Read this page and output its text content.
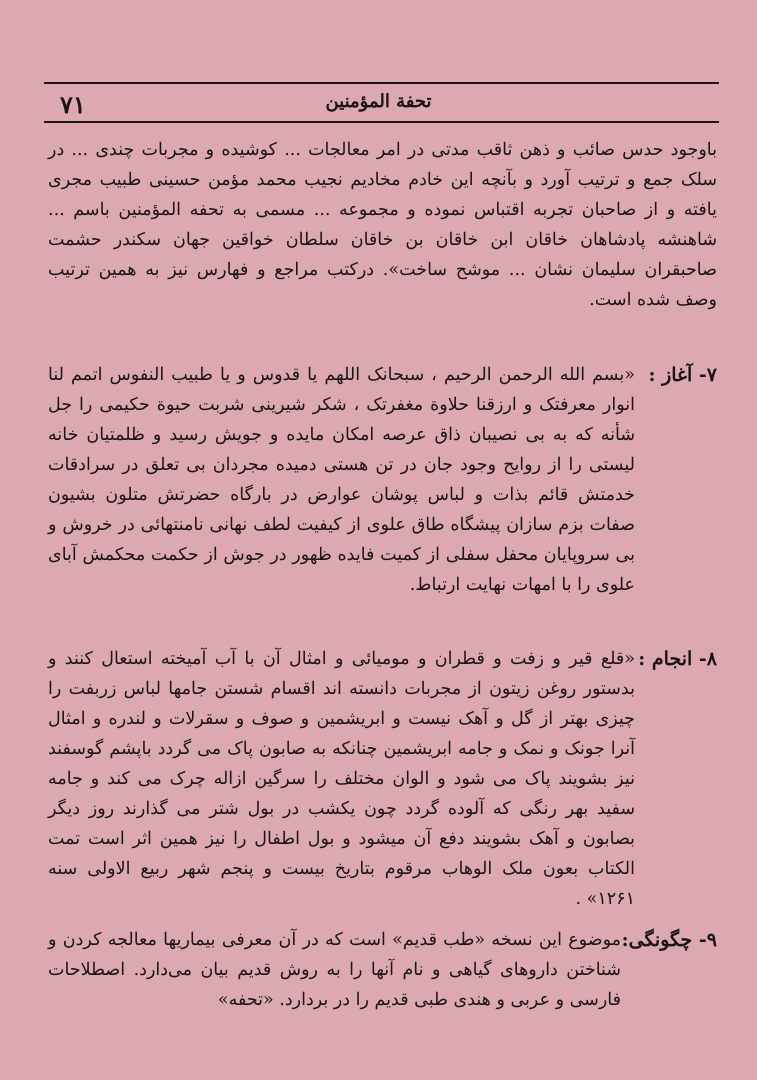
٧١	تحفة المؤمنين
باوجود حدس صائب و ذهن ثاقب مدتی در امر معالجات ... کوشیده و مجربات چندی ... در سلک جمع و ترتیب آورد و بآنچه این خادم مخادیم نجیب محمد مؤمن حسینی طبیب مجری یافته و از صاحبان تجربه اقتباس نموده و مجموعه ... مسمی به تحفه المؤمنین باسم ... شاهنشه پادشاهان خاقان ابن خاقان بن خاقان سلطان خواقین جهان سکندر حشمت صاحبقران سلیمان نشان ... موشح ساخت». درکتب مراجع و فهارس نیز به همین ترتیب وصف شده است.
۷- آغاز :
«بسم الله الرحمن الرحیم ، سبحانک اللهم یا قدوس و یا طبیب النفوس اتمم لنا انوار معرفتک و ارزقنا حلاوة مغفرتک ، شکر شیرینی شربت حیوة حکیمی را جل شأنه که به بی نصیبان ذاق عرصه امکان مایده و جویش رسید و ظلمتیان خانه لیستی را از روایح وجود جان در تن هستی دمیده مجردان بی تعلق در سرادقات خدمتش قائم بذات و لباس پوشان عوارض در بارگاه حضرتش متلون بشیون صفات بزم سازان پیشگاه طاق علوی از کیفیت لطف نهانی نامنتهائی در خروش و بی سروپایان محفل سفلی از کمیت فایده ظهور در جوش از حکمت محکمش آبای علوی را با امهات نهایت ارتباط.
۸- انجام :
«قلع قیر و زفت و قطران و مومیائی و امثال آن با آب آمیخته استعال کنند و بدستور روغن زیتون از مجربات دانسته اند اقسام شستن جامها لباس زربفت را چیزی بهتر از گل و آهک نیست و ابریشمین و صوف و سقرلات و لندره و امثال آنرا جونک و نمک و جامه ابریشمین چنانکه به صابون پاک می گردد باپشم گوسفند نیز بشویند پاک می شود و الوان مختلف را سرگین ازاله چرک می کند و جامه سفید بهر رنگی که آلوده گردد چون یکشب در بول شتر می گذارند روز دیگر بصابون و آهک بشویند دفع آن میشود و بول اطفال را نیز همین اثر است تمت الکتاب بعون ملک الوهاب مرقوم بتاریخ بیست و پنجم شهر ربیع الاولی سنه ۱۲۶۱» .
۹- چگونگی:
موضوع این نسخه «طب قدیم» است که در آن معرفی بیماریها معالجه کردن و شناختن داروهای گیاهی و نام آنها را به روش قدیم بیان می‌دارد. اصطلاحات فارسی و عربی و هندی طبی قدیم را در بردارد. «تحفه»
